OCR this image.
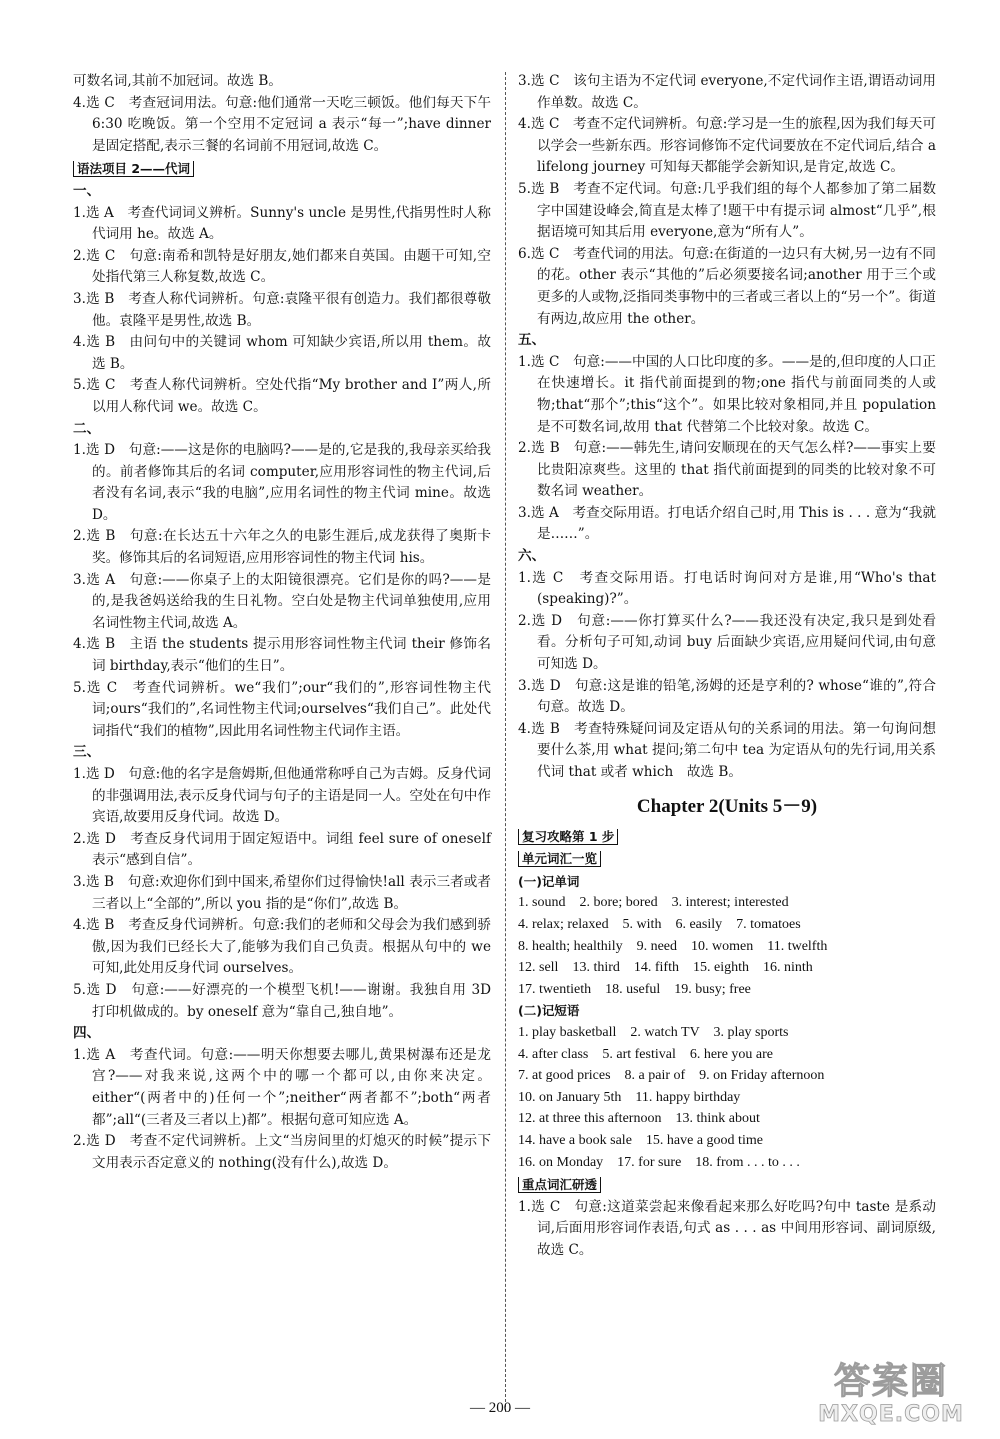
可数名词,其前不加冠词。故选 B。
4.选 C　考查冠词用法。句意:他们通常一天吃三顿饭。他们每天下午 6:30 吃晚饭。第一个空用不定冠词 a 表示“每一”;have dinner 是固定搭配,表示三餐的名词前不用冠词,故选 C。
语法项目 2——代词
一、
1.选 A　考查代词词义辨析。Sunny's uncle 是男性,代指男性时人称代词用 he。故选 A。
2.选 C　句意:南希和凯特是好朋友,她们都来自英国。由题干可知,空处指代第三人称复数,故选 C。
3.选 B　考查人称代词辨析。句意:袁隆平很有创造力。我们都很尊敬他。袁隆平是男性,故选 B。
4.选 B　由问句中的关键词 whom 可知缺少宾语,所以用 them。故选 B。
5.选 C　考查人称代词辨析。空处代指“My brother and I”两人,所以用人称代词 we。故选 C。
二、
1.选 D　句意:——这是你的电脑吗?——是的,它是我的,我母亲买给我的。前者修饰其后的名词 computer,应用形容词性的物主代词,后者没有名词,表示“我的电脑”,应用名词性的物主代词 mine。故选 D。
2.选 B　句意:在长达五十六年之久的电影生涯后,成龙获得了奥斯卡奖。修饰其后的名词短语,应用形容词性的物主代词 his。
3.选 A　句意:——你桌子上的太阳镜很漂亮。它们是你的吗?——是的,是我爸妈送给我的生日礼物。空白处是物主代词单独使用,应用名词性物主代词,故选 A。
4.选 B　主语 the students 提示用形容词性物主代词 their 修饰名词 birthday,表示“他们的生日”。
5.选 C　考查代词辨析。we“我们”;our“我们的”,形容词性物主代词;ours“我们的”,名词性物主代词;ourselves“我们自己”。此处代词指代“我们的植物”,因此用名词性物主代词作主语。
三、
1.选 D　句意:他的名字是詹姆斯,但他通常称呼自己为吉姆。反身代词的非强调用法,表示反身代词与句子的主语是同一人。空处在句中作宾语,故要用反身代词。故选 D。
2.选 D　考查反身代词用于固定短语中。词组 feel sure of oneself 表示“感到自信”。
3.选 B　句意:欢迎你们到中国来,希望你们过得愉快!all 表示三者或者三者以上“全部的”,所以 you 指的是“你们”,故选 B。
4.选 B　考查反身代词辨析。句意:我们的老师和父母会为我们感到骄傲,因为我们已经长大了,能够为我们自己负责。根据从句中的 we 可知,此处用反身代词 ourselves。
5.选 D　句意:——好漂亮的一个模型飞机!——谢谢。我独自用 3D 打印机做成的。by oneself 意为“靠自己,独自地”。
四、
1.选 A　考查代词。句意:——明天你想要去哪儿,黄果树瀑布还是龙宫?——对我来说,这两个中的哪一个都可以,由你来决定。either“(两者中的)任何一个”;neither“两者都不”;both“两者都”;all“(三者及三者以上)都”。根据句意可知应选 A。
2.选 D　考查不定代词辨析。上文“当房间里的灯熄灭的时候”提示下文用表示否定意义的 nothing(没有什么),故选 D。
3.选 C　该句主语为不定代词 everyone,不定代词作主语,谓语动词用作单数。故选 C。
4.选 C　考查不定代词辨析。句意:学习是一生的旅程,因为我们每天可以学会一些新东西。形容词修饰不定代词要放在不定代词后,结合 a lifelong journey 可知每天都能学会新知识,是肯定,故选 C。
5.选 B　考查不定代词。句意:几乎我们组的每个人都参加了第二届数字中国建设峰会,简直是太棒了!题干中有提示词 almost“几乎”,根据语境可知其后用 everyone,意为“所有人”。
6.选 C　考查代词的用法。句意:在街道的一边只有大树,另一边有不同的花。other 表示“其他的”后必须要接名词;another 用于三个或更多的人或物,泛指同类事物中的三者或三者以上的“另一个”。街道有两边,故应用 the other。
五、
1.选 C　句意:——中国的人口比印度的多。——是的,但印度的人口正在快速增长。it 指代前面提到的物;one 指代与前面同类的人或物;that“那个”;this“这个”。如果比较对象相同,并且 population 是不可数名词,故用 that 代替第二个比较对象。故选 C。
2.选 B　句意:——韩先生,请问安顺现在的天气怎么样?——事实上要比贵阳凉爽些。这里的 that 指代前面提到的同类的比较对象不可数名词 weather。
3.选 A　考查交际用语。打电话介绍自己时,用 This is . . . 意为“我就是……”。
六、
1.选 C　考查交际用语。打电话时询问对方是谁,用“Who's that (speaking)?”。
2.选 D　句意:——你打算买什么?——我还没有决定,我只是到处看看。分析句子可知,动词 buy 后面缺少宾语,应用疑问代词,由句意可知选 D。
3.选 D　句意:这是谁的铅笔,汤姆的还是亨利的? whose“谁的”,符合句意。故选 D。
4.选 B　考查特殊疑问词及定语从句的关系词的用法。第一句询问想要什么茶,用 what 提问;第二句中 tea 为定语从句的先行词,用关系代词 that 或者 which　故选 B。
Chapter 2(Units 5－9)
复习攻略第 1 步
单元词汇一览
(一)记单词
1. sound　2. bore; bored　3. interest; interested
4. relax; relaxed　5. with　6. easily　7. tomatoes
8. health; healthily　9. need　10. women　11. twelfth
12. sell　13. third　14. fifth　15. eighth　16. ninth
17. twentieth　18. useful　19. busy; free
(二)记短语
1. play basketball　2. watch TV　3. play sports
4. after class　5. art festival　6. here you are
7. at good prices　8. a pair of　9. on Friday afternoon
10. on January 5th　11. happy birthday
12. at three this afternoon　13. think about
14. have a book sale　15. have a good time
16. on Monday　17. for sure　18. from . . . to . . .
重点词汇研透
1.选 C　句意:这道菜尝起来像看起来那么好吃吗?句中 taste 是系动词,后面用形容词作表语,句式 as . . . as 中间用形容词、副词原级,故选 C。
— 200 —
答案圈
MXQE.COM
